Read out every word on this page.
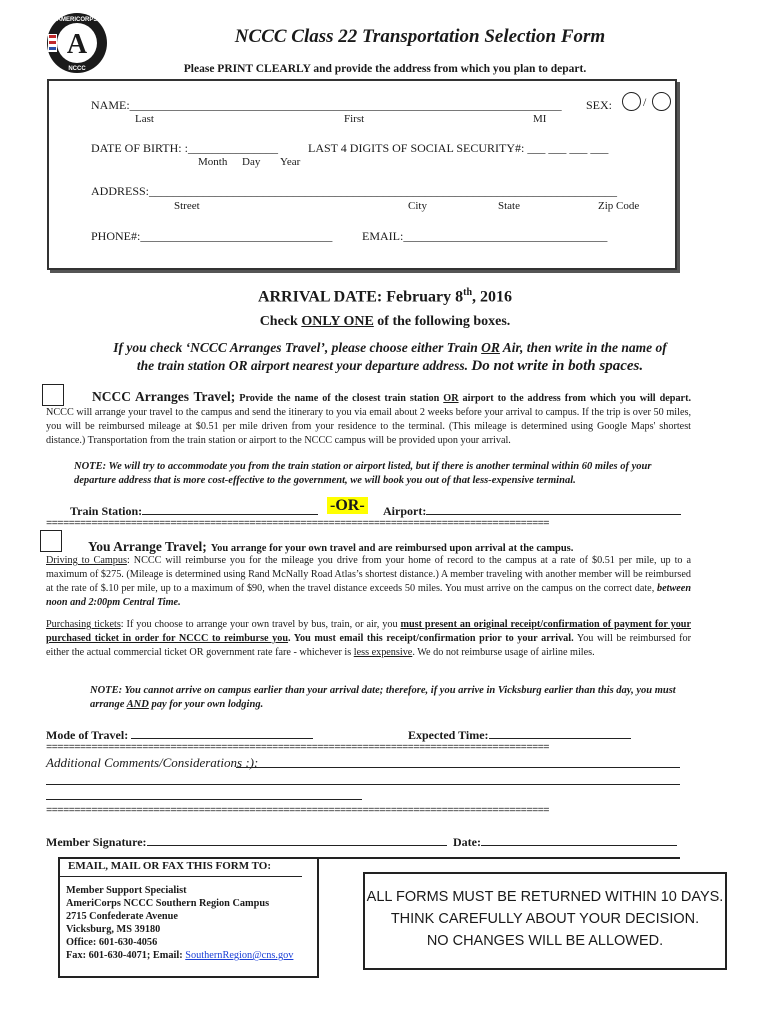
A
AMERICORPS
NCCC
NCCC Class 22 Transportation Selection Form
Please PRINT CLEARLY and provide the address from which you plan to depart.
NAME:________________________________________________________________________ SEX:	/
Last	First	MI
DATE OF BIRTH: :_______________	LAST 4 DIGITS OF SOCIAL SECURITY#: ___ ___ ___ ___
Month Day Year
ADDRESS:______________________________________________________________________________
Street	City	State	Zip Code
PHONE#:________________________________ EMAIL:__________________________________
ARRIVAL DATE: February 8th, 2016
Check ONLY ONE of the following boxes.
If you check ‘NCCC Arranges Travel’, please choose either Train OR Air, then write in the name of
the train station OR airport nearest your departure address. Do not write in both spaces.
NCCC Arranges Travel; Provide the name of the closest train station OR airport to the address from which you will depart. NCCC will arrange your travel to the campus and send the itinerary to you via email about 2 weeks before your arrival to campus. If the trip is over 50 miles, you will be reimbursed mileage at $0.51 per mile driven from your residence to the terminal. (This mileage is determined using Google Maps' shortest distance.) Transportation from the train station or airport to the NCCC campus will be provided upon your arrival.
NOTE: We will try to accommodate you from the train station or airport listed, but if there is another terminal within 60 miles of your departure address that is more cost-effective to the government, we will book you out of that less-expensive terminal.
Train Station:	-OR- Airport:
=========================================================================================
You Arrange Travel; You arrange for your own travel and are reimbursed upon arrival at the campus.
Driving to Campus: NCCC will reimburse you for the mileage you drive from your home of record to the campus at a rate of $0.51 per mile, up to a maximum of $275. (Mileage is determined using Rand McNally Road Atlas’s shortest distance.) A member traveling with another member will be reimbursed at the rate of $.10 per mile, up to a maximum of $90, when the travel distance exceeds 50 miles. You must arrive on the campus on the correct date, between noon and 2:00pm Central Time.
Purchasing tickets: If you choose to arrange your own travel by bus, train, or air, you must present an original receipt/confirmation of payment for your purchased ticket in order for NCCC to reimburse you. You must email this receipt/confirmation prior to your arrival. You will be reimbursed for either the actual commercial ticket OR government rate fare - whichever is less expensive. We do not reimburse usage of airline miles.
NOTE: You cannot arrive on campus earlier than your arrival date; therefore, if you arrive in Vicksburg earlier than this day, you must arrange AND pay for your own lodging.
Mode of Travel:	Expected Time:
=========================================================================================
Additional Comments/Considerations :):
=========================================================================================
Member Signature:	Date:
EMAIL, MAIL OR FAX THIS FORM TO:
Member Support Specialist
AmeriCorps NCCC Southern Region Campus
2715 Confederate Avenue
Vicksburg, MS 39180
Office: 601-630-4056
Fax: 601-630-4071; Email: SouthernRegion@cns.gov
ALL FORMS MUST BE RETURNED WITHIN 10 DAYS.
THINK CAREFULLY ABOUT YOUR DECISION.
NO CHANGES WILL BE ALLOWED.
